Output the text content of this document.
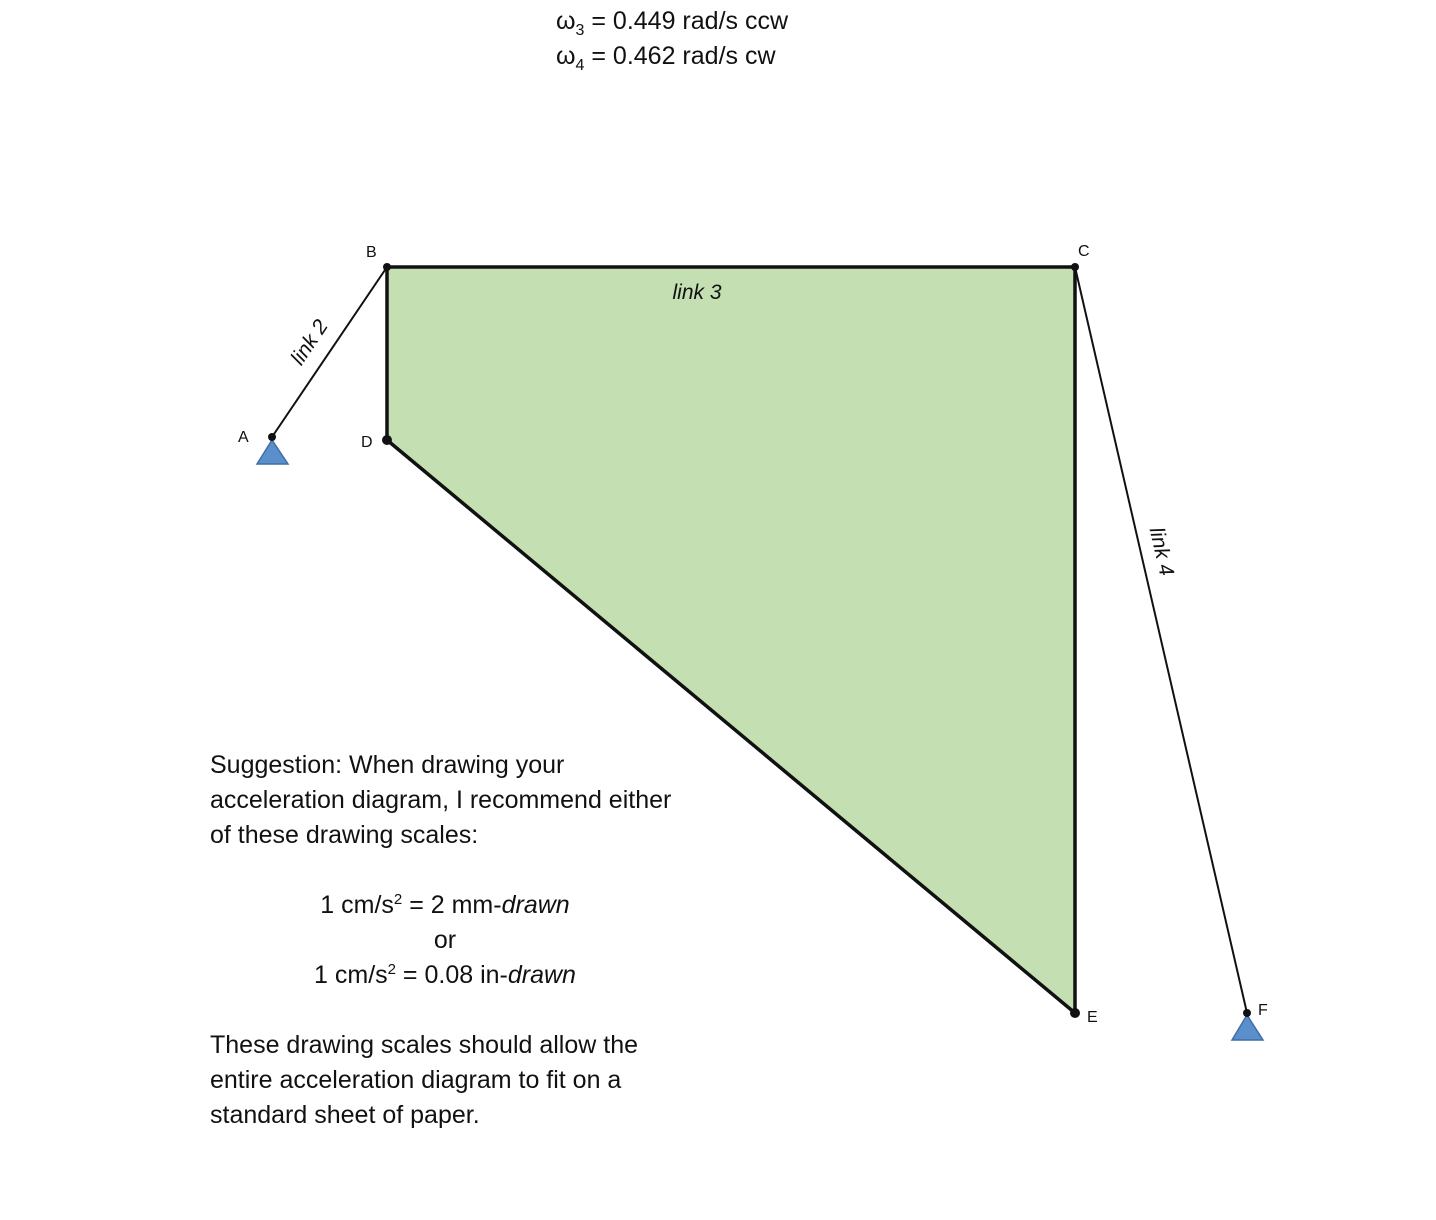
$\omega_3 = 0.449$ rad/s ccw
$\omega_4 = 0.462$ rad/s cw
A
B	C
D
E	F
link 2
link 3
link 4
Suggestion: When drawing your acceleration diagram, I recommend either of these drawing scales:
1 $cm/s^2 = 2$ mm-drawn
or
1 $cm/s^2 = 0.08$ in-drawn
These drawing scales should allow the entire acceleration diagram to fit on a standard sheet of paper.
